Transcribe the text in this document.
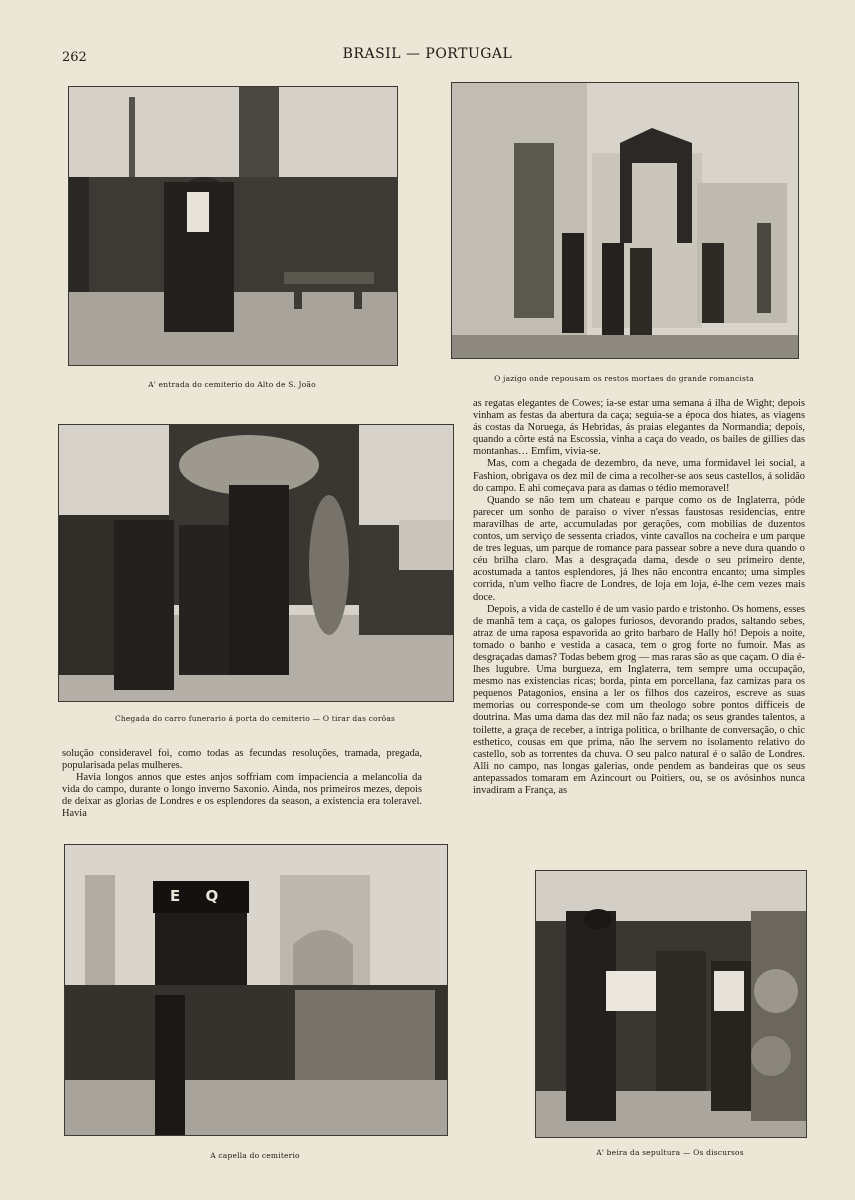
262	BRASIL — PORTUGAL
A' entrada do cemiterio do Alto de S. João
O jazigo onde repousam os restos mortaes do grande romancista
Chegada do carro funerario á porta do cemiterio — O tirar das corôas

solução consideravel foi, como todas as fecundas resoluções, tramada, pregada, popularisada pelas mulheres.

Havia longos annos que estes anjos soffriam com impaciencia a melancolia da vida do campo, durante o longo inverno Saxonio. Ainda, nos primeiros mezes, depois de deixar as glorias de Londres e os esplendores da season, a existencia era toleravel. Havia

as regatas elegantes de Cowes; ia-se estar uma semana á ilha de Wight; depois vinham as festas da abertura da caça; seguia-se a época dos hiates, as viagens ás costas da Noruega, ás Hebridas, ás praias elegantes da Normandia; depois, quando a côrte está na Escossia, vinha a caça do veado, os bailes de gillies das montanhas… Emfim, vivia-se.

Mas, com a chegada de dezembro, da neve, uma formidavel lei social, a Fashion, obrigava os dez mil de cima a recolher-se aos seus castellos, á solidão do campo. E ahi começava para as damas o tédio memoravel!

Quando se não tem um chateau e parque como os de Inglaterra, póde parecer um sonho de paraiso o viver n'essas faustosas residencias, entre maravilhas de arte, accumuladas por gerações, com mobilias de duzentos contos, um serviço de sessenta criados, vinte cavallos na cocheira e um parque de tres leguas, um parque de romance para passear sobre a neve dura quando o céu brilha claro. Mas a desgraçada dama, desde o seu primeiro dente, acostumada a tantos esplendores, já lhes não encontra encanto; uma simples corrida, n'um velho fiacre de Londres, de loja em loja, é-lhe cem vezes mais doce.

Depois, a vida de castello é de um vasio pardo e tristonho. Os homens, esses de manhã tem a caça, os galopes furiosos, devorando prados, saltando sebes, atraz de uma raposa espavorida ao grito barbaro de Hally hó! Depois a noite, tomado o banho e vestida a casaca, tem o grog forte no fumoir. Mas as desgraçadas damas? Todas bebem grog — mas raras são as que caçam. O dia é-lhes lugubre. Uma burgueza, em Inglaterra, tem sempre uma occupação, mesmo nas existencias ricas; borda, pinta em porcellana, faz camizas para os pequenos Patagonios, ensina a ler os filhos dos cazeiros, escreve as suas memorias ou corresponde-se com um theologo sobre pontos difficeis de doutrina. Mas uma dama das dez mil não faz nada; os seus grandes talentos, a toilette, a graça de receber, a intriga politica, o brilhante de conversação, o chic esthetico, cousas em que prima, não lhe servem no isolamento relativo do castello, sob as torrentes da chuva. O seu palco natural é o salão de Londres. Alli no campo, nas longas galerias, onde pendem as bandeiras que os seus antepassados tomaram em Azincourt ou Poitiers, ou, se os avósinhos nunca invadiram a França, as

E Q
A capella do cemiterio	A' beira da sepultura — Os discursos
